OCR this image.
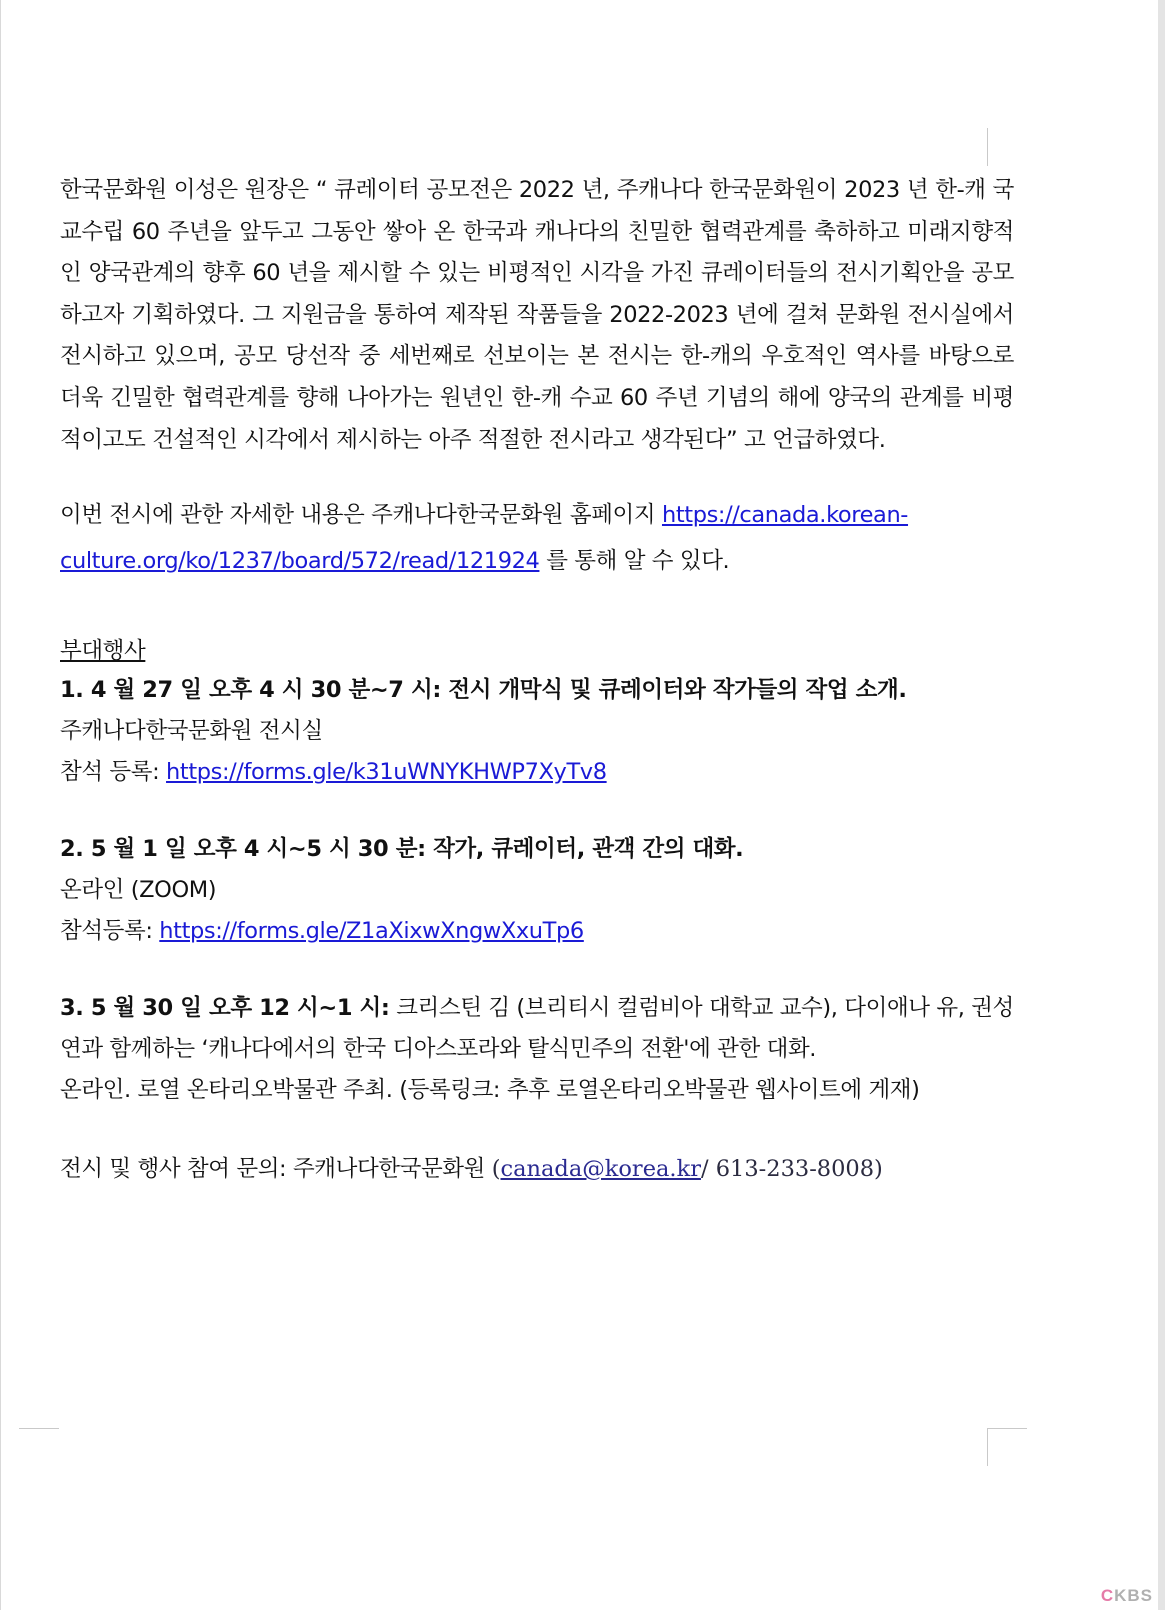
한국문화원 이성은 원장은 “ 큐레이터 공모전은 2022 년, 주캐나다 한국문화원이 2023 년 한-캐 국교수립 60 주년을 앞두고 그동안 쌓아 온 한국과 캐나다의 친밀한 협력관계를 축하하고 미래지향적인 양국관계의 향후 60 년을 제시할 수 있는 비평적인 시각을 가진 큐레이터들의 전시기획안을 공모하고자 기획하였다. 그 지원금을 통하여 제작된 작품들을 2022-2023 년에 걸쳐 문화원 전시실에서 전시하고 있으며, 공모 당선작 중 세번째로 선보이는 본 전시는 한-캐의 우호적인 역사를 바탕으로 더욱 긴밀한 협력관계를 향해 나아가는 원년인 한-캐 수교 60 주년 기념의 해에 양국의 관계를 비평적이고도 건설적인 시각에서 제시하는 아주 적절한 전시라고 생각된다” 고 언급하였다.

이번 전시에 관한 자세한 내용은 주캐나다한국문화원 홈페이지 https://canada.korean-culture.org/ko/1237/board/572/read/121924 를 통해 알 수 있다.

부대행사
1. 4 월 27 일 오후 4 시 30 분~7 시: 전시 개막식 및 큐레이터와 작가들의 작업 소개.
주캐나다한국문화원 전시실
참석 등록: https://forms.gle/k31uWNYKHWP7XyTv8
2. 5 월 1 일 오후 4 시~5 시 30 분: 작가, 큐레이터, 관객 간의 대화.
온라인 (ZOOM)
참석등록: https://forms.gle/Z1aXixwXngwXxuTp6
3. 5 월 30 일 오후 12 시~1 시: 크리스틴 김 (브리티시 컬럼비아 대학교 교수), 다이애나 유, 권성연과 함께하는 ‘캐나다에서의 한국 디아스포라와 탈식민주의 전환'에 관한 대화.
온라인. 로열 온타리오박물관 주최. (등록링크: 추후 로열온타리오박물관 웹사이트에 게재)
전시 및 행사 참여 문의: 주캐나다한국문화원 (canada@korea.kr/ 613-233-8008)
CKBS
